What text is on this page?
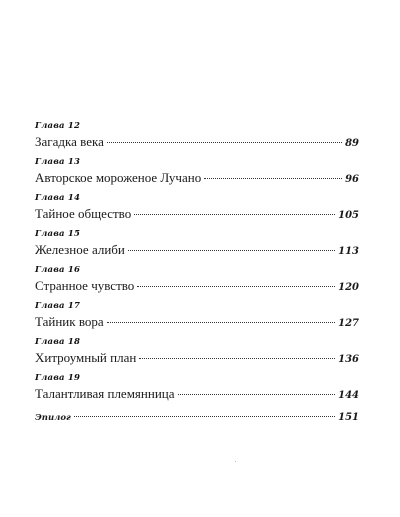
Глава 12
Загадка века	89
Глава 13
Авторское мороженое Лучано	96
Глава 14
Тайное общество	105
Глава 15
Железное алиби	113
Глава 16
Странное чувство	120
Глава 17
Тайник вора	127
Глава 18
Хитроумный план	136
Глава 19
Талантливая племянница	144
Эпилог	151
